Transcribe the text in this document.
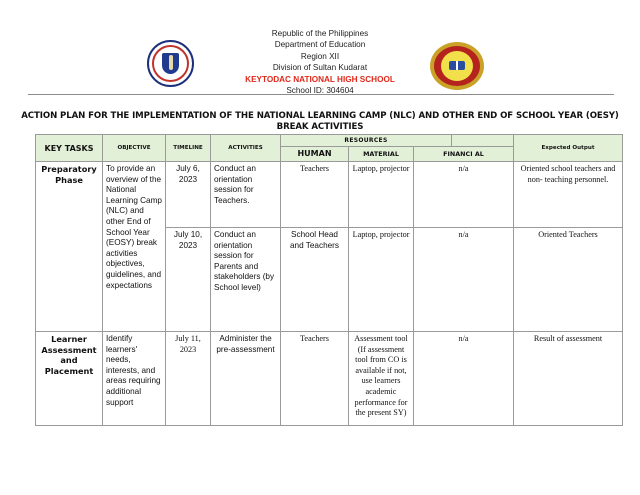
Republic of the Philippines
Department of Education
Region XII
Division of Sultan Kudarat
KEYTODAC NATIONAL HIGH SCHOOL
School ID: 304604
ACTION PLAN FOR THE IMPLEMENTATION OF THE NATIONAL LEARNING CAMP (NLC) AND OTHER END OF SCHOOL YEAR (OESY)
BREAK ACTIVITIES
KEY TASKS	OBJECTIVE	TIMELINE	ACTIVITIES	RESOURCES				Expected Output
				HUMAN	MATERIAL	FINANCI AL		

Preparatory Phase	To provide an overview of the National Learning Camp (NLC) and other End of School Year (EOSY) break activities objectives, guidelines, and expectations	July 6, 2023	Conduct an orientation session for Teachers.	Teachers	Laptop, projector	n/a		Oriented school teachers and non- teaching personnel.

		July 10, 2023	Conduct an orientation session for Parents and stakeholders (by School level)	School Head and Teachers	Laptop, projector	n/a		Oriented Teachers

Learner Assessment and Placement	Identify learners' needs, interests, and areas requiring additional support	July 11, 2023	Administer the pre-assessment	Teachers	Assessment tool (If assessment tool from CO is available if not, use learners academic performance for the present SY)	n/a		Result of assessment
